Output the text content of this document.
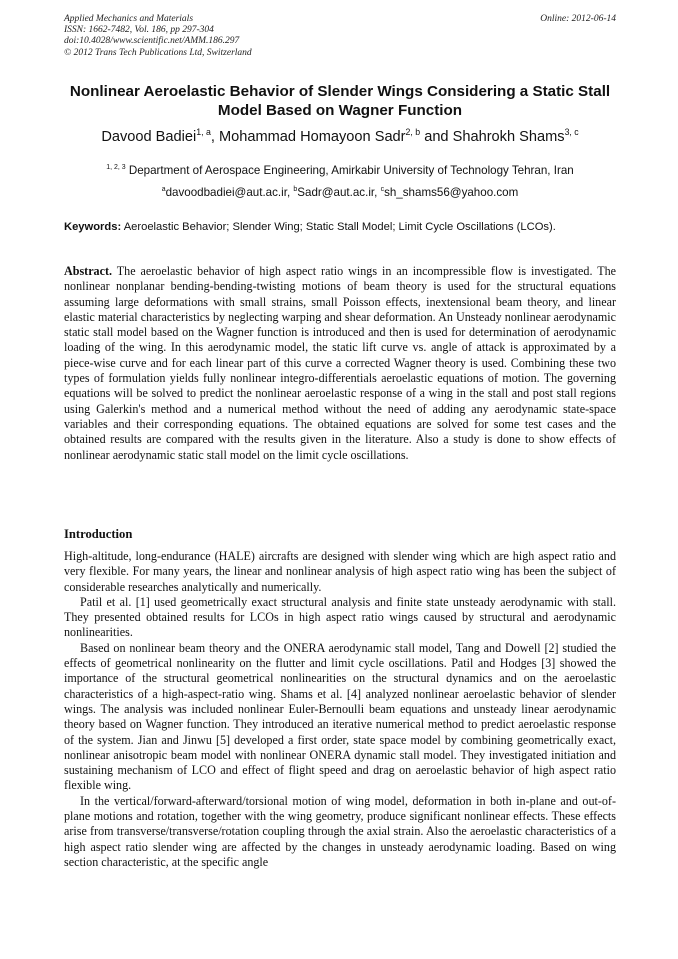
Applied Mechanics and Materials
ISSN: 1662-7482, Vol. 186, pp 297-304
doi:10.4028/www.scientific.net/AMM.186.297
© 2012 Trans Tech Publications Ltd, Switzerland
Online: 2012-06-14
Nonlinear Aeroelastic Behavior of Slender Wings Considering a Static Stall Model Based on Wagner Function
Davood Badiei$^{1, a}$, Mohammad Homayoon Sadr$^{2, b}$ and Shahrokh Shams$^{3, c}$
$^{1, 2, 3}$ Department of Aerospace Engineering, Amirkabir University of Technology Tehran, Iran
$^a$davoodbadiei@aut.ac.ir, $^b$Sadr@aut.ac.ir, $^c$sh_shams56@yahoo.com
Keywords: Aeroelastic Behavior; Slender Wing; Static Stall Model; Limit Cycle Oscillations (LCOs).
Abstract. The aeroelastic behavior of high aspect ratio wings in an incompressible flow is investigated. The nonlinear nonplanar bending-bending-twisting motions of beam theory is used for the structural equations assuming large deformations with small strains, small Poisson effects, inextensional beam theory, and linear elastic material characteristics by neglecting warping and shear deformation. An Unsteady nonlinear aerodynamic static stall model based on the Wagner function is introduced and then is used for determination of aerodynamic loading of the wing. In this aerodynamic model, the static lift curve vs. angle of attack is approximated by a piece-wise curve and for each linear part of this curve a corrected Wagner theory is used. Combining these two types of formulation yields fully nonlinear integro-differentials aeroelastic equations of motion. The governing equations will be solved to predict the nonlinear aeroelastic response of a wing in the stall and post stall regions using Galerkin's method and a numerical method without the need of adding any aerodynamic state-space variables and their corresponding equations. The obtained equations are solved for some test cases and the obtained results are compared with the results given in the literature. Also a study is done to show effects of nonlinear aerodynamic static stall model on the limit cycle oscillations.
Introduction

High-altitude, long-endurance (HALE) aircrafts are designed with slender wing which are high aspect ratio and very flexible. For many years, the linear and nonlinear analysis of high aspect ratio wing has been the subject of considerable researches analytically and numerically.

Patil et al. [1] used geometrically exact structural analysis and finite state unsteady aerodynamic with stall. They presented obtained results for LCOs in high aspect ratio wings caused by structural and aerodynamic nonlinearities.

Based on nonlinear beam theory and the ONERA aerodynamic stall model, Tang and Dowell [2] studied the effects of geometrical nonlinearity on the flutter and limit cycle oscillations. Patil and Hodges [3] showed the importance of the structural geometrical nonlinearities on the structural dynamics and on the aeroelastic characteristics of a high-aspect-ratio wing. Shams et al. [4] analyzed nonlinear aeroelastic behavior of slender wings. The analysis was included nonlinear Euler-Bernoulli beam equations and unsteady linear aerodynamic theory based on Wagner function. They introduced an iterative numerical method to predict aeroelastic response of the system. Jian and Jinwu [5] developed a first order, state space model by combining geometrically exact, nonlinear anisotropic beam model with nonlinear ONERA dynamic stall model. They investigated initiation and sustaining mechanism of LCO and effect of flight speed and drag on aeroelastic behavior of high aspect ratio flexible wing.

In the vertical/forward-afterward/torsional motion of wing model, deformation in both in-plane and out-of-plane motions and rotation, together with the wing geometry, produce significant nonlinear effects. These effects arise from transverse/transverse/rotation coupling through the axial strain. Also the aeroelastic characteristics of a high aspect ratio slender wing are affected by the changes in unsteady aerodynamic loading. Based on wing section characteristic, at the specific angle
